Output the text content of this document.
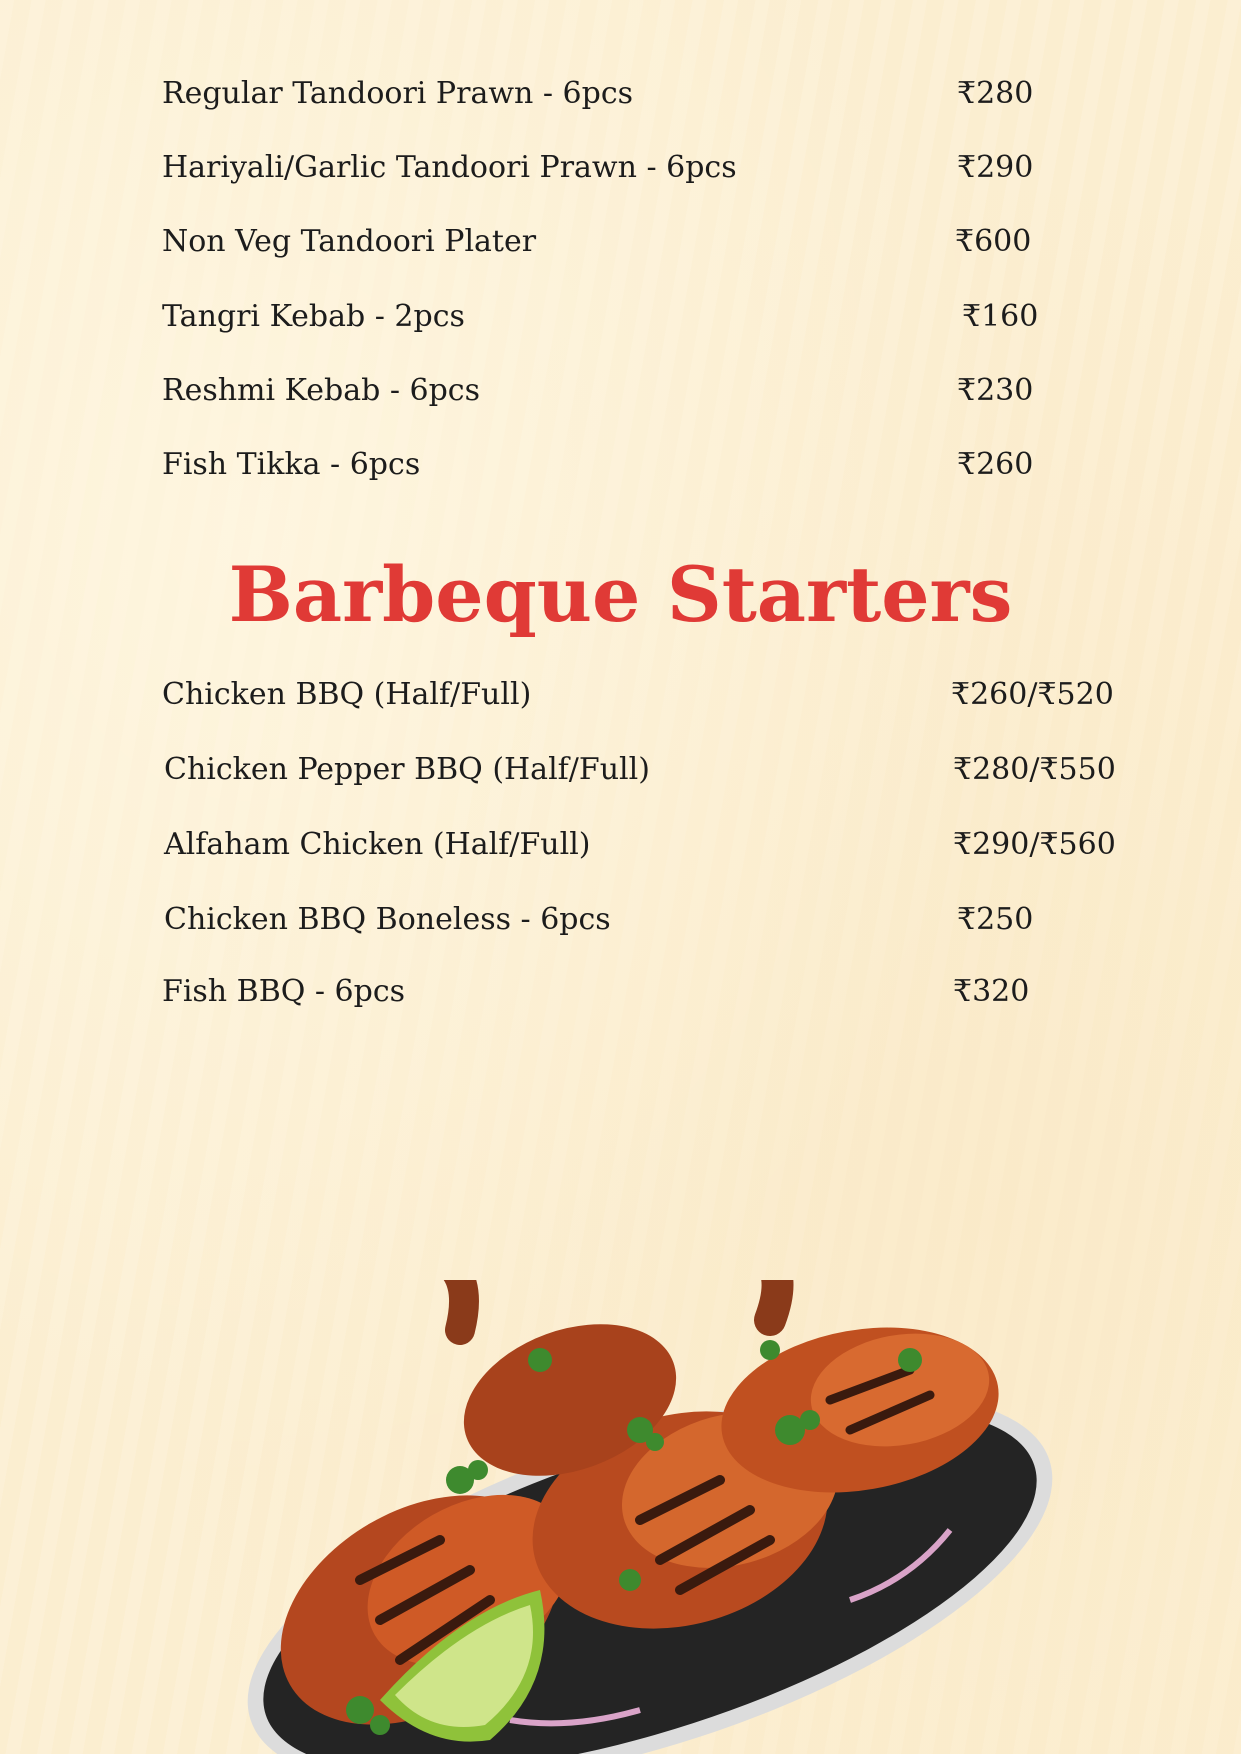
Regular Tandoori Prawn - 6pcs	₹280
Hariyali/Garlic Tandoori Prawn - 6pcs	₹290
Non Veg Tandoori Plater	₹600
Tangri Kebab - 2pcs	₹160
Reshmi Kebab - 6pcs	₹230
Fish Tikka - 6pcs	₹260
Barbeque Starters
Chicken BBQ (Half/Full)	₹260/₹520
Chicken Pepper BBQ (Half/Full)	₹280/₹550
Alfaham Chicken (Half/Full)	₹290/₹560
Chicken BBQ Boneless - 6pcs	₹250
Fish BBQ - 6pcs	₹320
